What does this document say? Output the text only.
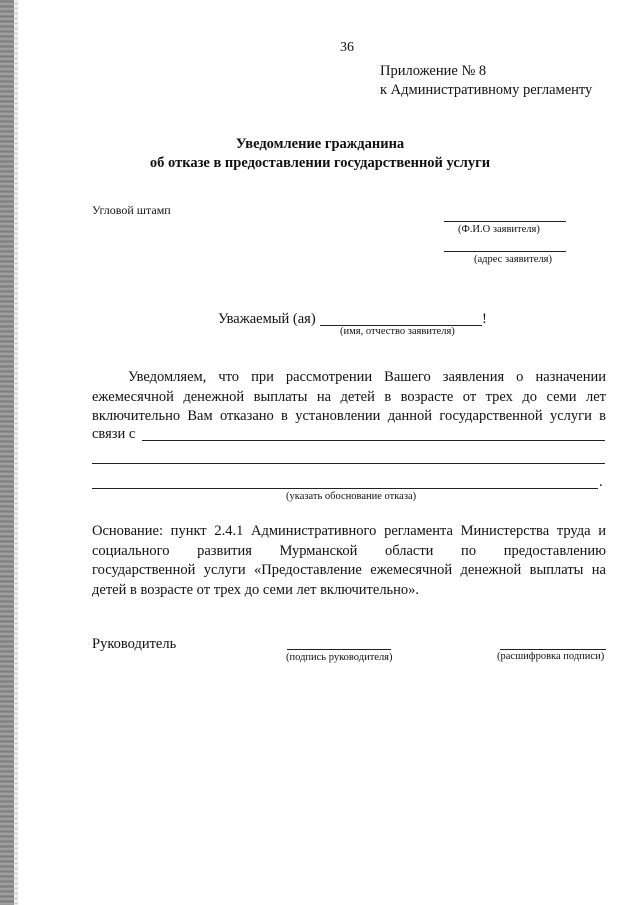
36
Приложение № 8
к Административному регламенту
Уведомление гражданина
об отказе в предоставлении государственной услуги
Угловой штамп
(Ф.И.О заявителя)
(адрес заявителя)
Уважаемый (ая)	!
(имя, отчество заявителя)
Уведомляем, что при рассмотрении Вашего заявления о назначении
ежемесячной денежной выплаты на детей в возрасте от трех до семи лет
включительно Вам отказано в установлении данной государственной услуги в
связи с
.
(указать обоснование отказа)
Основание: пункт 2.4.1 Административного регламента Министерства труда и
социального развития Мурманской области по предоставлению
государственной услуги «Предоставление ежемесячной денежной выплаты на
детей в возрасте от трех до семи лет включительно».
Руководитель
(подпись руководителя)	(расшифровка подписи)
